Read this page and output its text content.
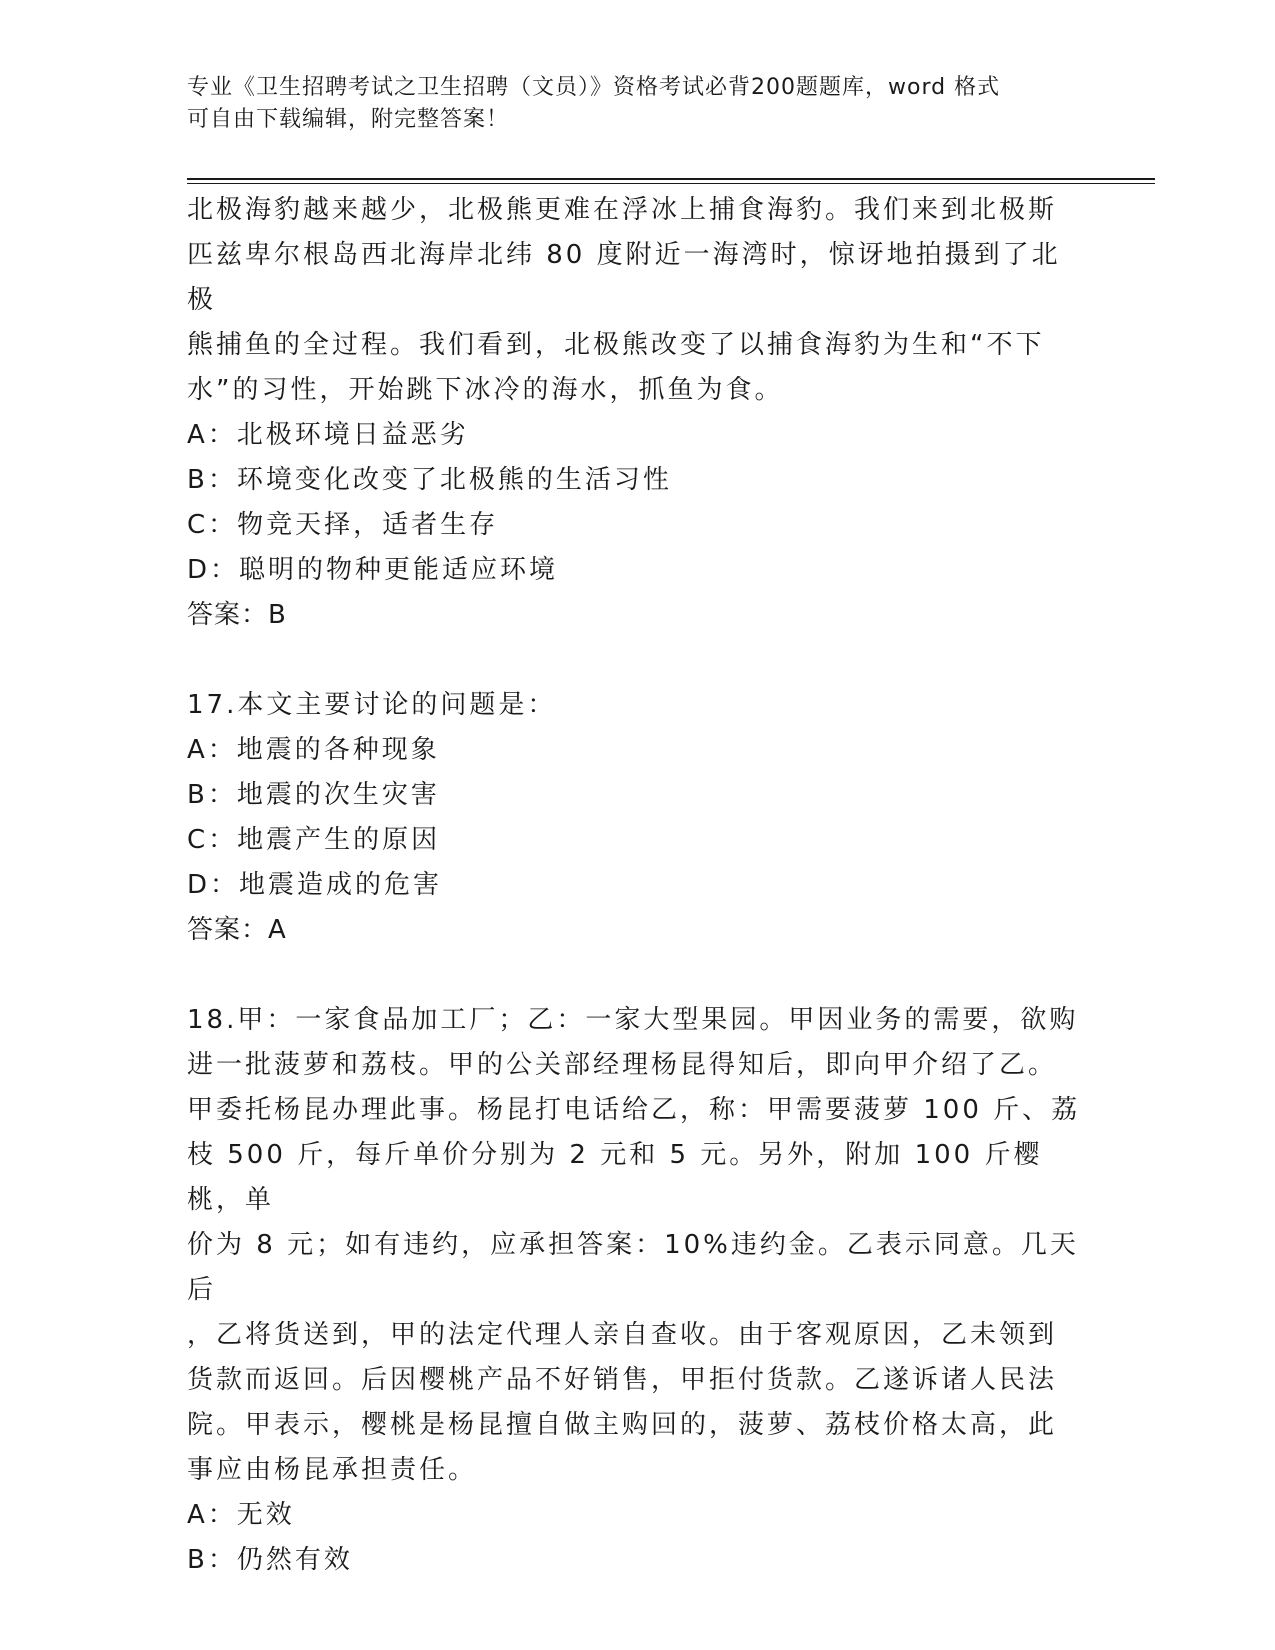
专业《卫生招聘考试之卫生招聘（文员）》资格考试必背200题题库，word 格式
可自由下载编辑，附完整答案！

北极海豹越来越少，北极熊更难在浮冰上捕食海豹。我们来到北极斯

匹兹卑尔根岛西北海岸北纬 80 度附近一海湾时，惊讶地拍摄到了北极

熊捕鱼的全过程。我们看到，北极熊改变了以捕食海豹为生和“不下

水”的习性，开始跳下冰冷的海水，抓鱼为食。

A：北极环境日益恶劣

B：环境变化改变了北极熊的生活习性

C：物竞天择，适者生存

D：聪明的物种更能适应环境

答案：B

17.本文主要讨论的问题是：

A：地震的各种现象

B：地震的次生灾害

C：地震产生的原因

D：地震造成的危害

答案：A

18.甲：一家食品加工厂；乙：一家大型果园。甲因业务的需要，欲购

进一批菠萝和荔枝。甲的公关部经理杨昆得知后，即向甲介绍了乙。

甲委托杨昆办理此事。杨昆打电话给乙，称：甲需要菠萝 100 斤、荔

枝 500 斤，每斤单价分别为 2 元和 5 元。另外，附加 100 斤樱桃，单

价为 8 元；如有违约，应承担答案：10%违约金。乙表示同意。几天后

，乙将货送到，甲的法定代理人亲自查收。由于客观原因，乙未领到

货款而返回。后因樱桃产品不好销售，甲拒付货款。乙遂诉诸人民法

院。甲表示，樱桃是杨昆擅自做主购回的，菠萝、荔枝价格太高，此

事应由杨昆承担责任。

A：无效

B：仍然有效
